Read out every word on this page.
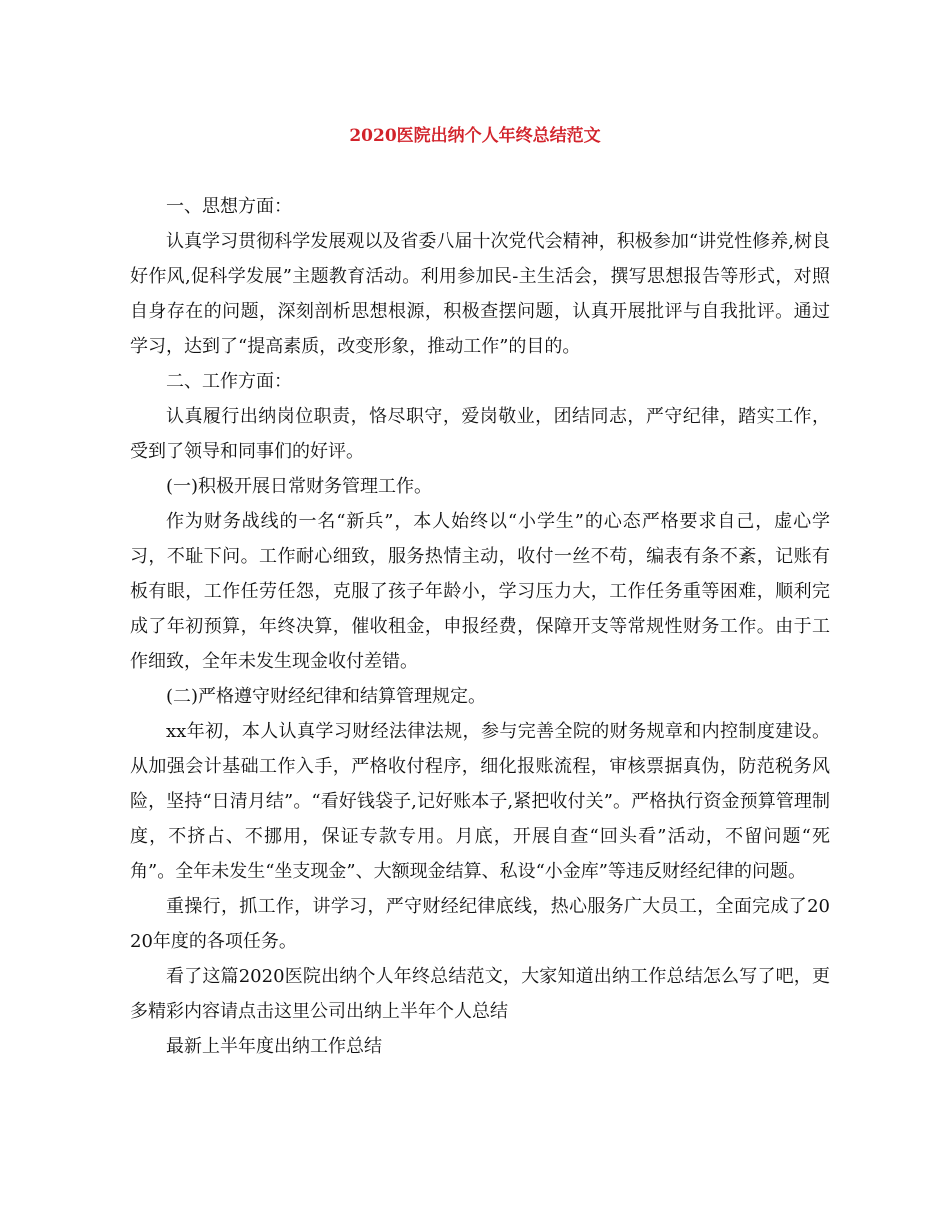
2020医院出纳个人年终总结范文

一、思想方面：

认真学习贯彻科学发展观以及省委八届十次党代会精神，积极参加“讲党性修养,树良好作风,促科学发展”主题教育活动。利用参加民-主生活会，撰写思想报告等形式，对照自身存在的问题，深刻剖析思想根源，积极查摆问题，认真开展批评与自我批评。通过学习，达到了“提高素质，改变形象，推动工作”的目的。

二、工作方面：

认真履行出纳岗位职责，恪尽职守，爱岗敬业，团结同志，严守纪律，踏实工作，受到了领导和同事们的好评。

(一)积极开展日常财务管理工作。

作为财务战线的一名“新兵”，本人始终以“小学生”的心态严格要求自己，虚心学习，不耻下问。工作耐心细致，服务热情主动，收付一丝不苟，编表有条不紊，记账有板有眼，工作任劳任怨，克服了孩子年龄小，学习压力大，工作任务重等困难，顺利完成了年初预算，年终决算，催收租金，申报经费，保障开支等常规性财务工作。由于工作细致，全年未发生现金收付差错。

(二)严格遵守财经纪律和结算管理规定。

xx年初，本人认真学习财经法律法规，参与完善全院的财务规章和内控制度建设。从加强会计基础工作入手，严格收付程序，细化报账流程，审核票据真伪，防范税务风险，坚持“日清月结”。“看好钱袋子,记好账本子,紧把收付关”。严格执行资金预算管理制度，不挤占、不挪用，保证专款专用。月底，开展自查“回头看”活动，不留问题“死角”。全年未发生“坐支现金”、大额现金结算、私设“小金库”等违反财经纪律的问题。

重操行，抓工作，讲学习，严守财经纪律底线，热心服务广大员工，全面完成了2020年度的各项任务。

看了这篇2020医院出纳个人年终总结范文，大家知道出纳工作总结怎么写了吧，更多精彩内容请点击这里公司出纳上半年个人总结

最新上半年度出纳工作总结
